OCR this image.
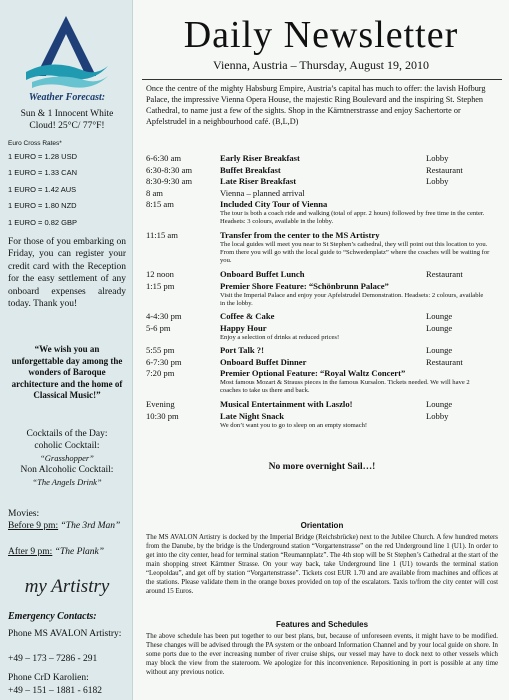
Weather Forecast:
Sun & 1 Innocent White Cloud! 25°C/ 77°F!
Euro Cross Rates*
1 EURO = 1.28 USD
1 EURO = 1.33 CAN
1 EURO = 1.42 AUS
1 EURO = 1.80 NZD
1 EURO = 0.82 GBP
For those of you embarking on Friday, you can register your credit card with the Reception for the easy settlement of any onboard expenses already today. Thank you!
“We wish you an unforgettable day among the wonders of Baroque architecture and the home of Classical Music!”
Cocktails of the Day:
coholic Cocktail:
“Grasshopper”
Non Alcoholic Cocktail:
“The Angels Drink”
Movies:
Before 9 pm: “The 3rd Man”
After 9 pm: “The Plank”
my Artistry
Emergency Contacts:
Phone MS AVALON Artistry:
+49 – 173 – 7286 - 291
Phone CrD Karolien:
+49 – 151 – 1881 - 6182
Daily Newsletter
Vienna, Austria – Thursday, August 19, 2010
Once the centre of the mighty Habsburg Empire, Austria’s capital has much to offer: the lavish Hofburg Palace, the impressive Vienna Opera House, the majestic Ring Boulevard and the inspiring St. Stephen Cathedral, to name just a few of the sights. Shop in the Kärntnerstrasse and enjoy Sachertorte or Apfelstrudel in a neighbourhood café. (B,L,D)
6-6:30 am	Early Riser Breakfast	Lobby
6:30-8:30 am	Buffet Breakfast	Restaurant
8:30-9:30 am	Late Riser Breakfast	Lobby
8 am	Vienna – planned arrival
8:15 am	Included City Tour of Vienna
The tour is both a coach ride and walking (total of appr. 2 hours) followed by free time in the center. Headsets: 3 colours, available in the lobby.
11:15 am	Transfer from the center to the MS Artistry
The local guides will meet you near to St Stephen’s cathedral, they will point out this location to you. From there you will go with the local guide to “Schwedenplatz” where the coaches will be waiting for you.
12 noon	Onboard Buffet Lunch	Restaurant
1:15 pm	Premier Shore Feature: “Schönbrunn Palace”
Visit the Imperial Palace and enjoy your Apfelstrudel Demonstration. Headsets: 2 colours, available in the lobby.
4-4:30 pm	Coffee & Cake	Lounge
5-6 pm	Happy Hour	Lounge
Enjoy a selection of drinks at reduced prices!
5:55 pm	Port Talk ?!	Lounge
6-7:30 pm	Onboard Buffet Dinner	Restaurant
7:20 pm	Premier Optional Feature: “Royal Waltz Concert”
Most famous Mozart & Strauss pieces in the famous Kursalon. Tickets needed. We will have 2 coaches to take us there and back.
Evening	Musical Entertainment with Laszlo!	Lounge
10:30 pm	Late Night Snack	Lobby
We don’t want you to go to sleep on an empty stomach!
No more overnight Sail…!
Orientation
The MS AVALON Artistry is docked by the Imperial Bridge (Reichsbrücke) next to the Jubilee Church. A few hundred meters from the Danube, by the bridge is the Underground station “Vorgartenstrasse” on the red Underground line 1 (U1). In order to get into the city center, head for terminal station “Reumannplatz”. The 4th stop will be St Stephen’s Cathedral at the start of the main shopping street Kärntner Strasse. On your way back, take Underground line 1 (U1) towards the terminal station “Leopoldau”, and get off by station “Vorgartenstrasse”. Tickets cost EUR 1.70 and are available from machines and offices at the stations. Please validate them in the orange boxes provided on top of the escalators. Taxis to/from the city center will cost around 15 Euros.
Features and Schedules
The above schedule has been put together to our best plans, but, because of unforeseen events, it might have to be modified. These changes will be advised through the PA system or the onboard Information Channel and by your local guide on shore. In some ports due to the ever increasing number of river cruise ships, our vessel may have to dock next to other vessels which may block the view from the stateroom. We apologize for this inconvenience. Repositioning in port is possible at any time without any previous notice.
